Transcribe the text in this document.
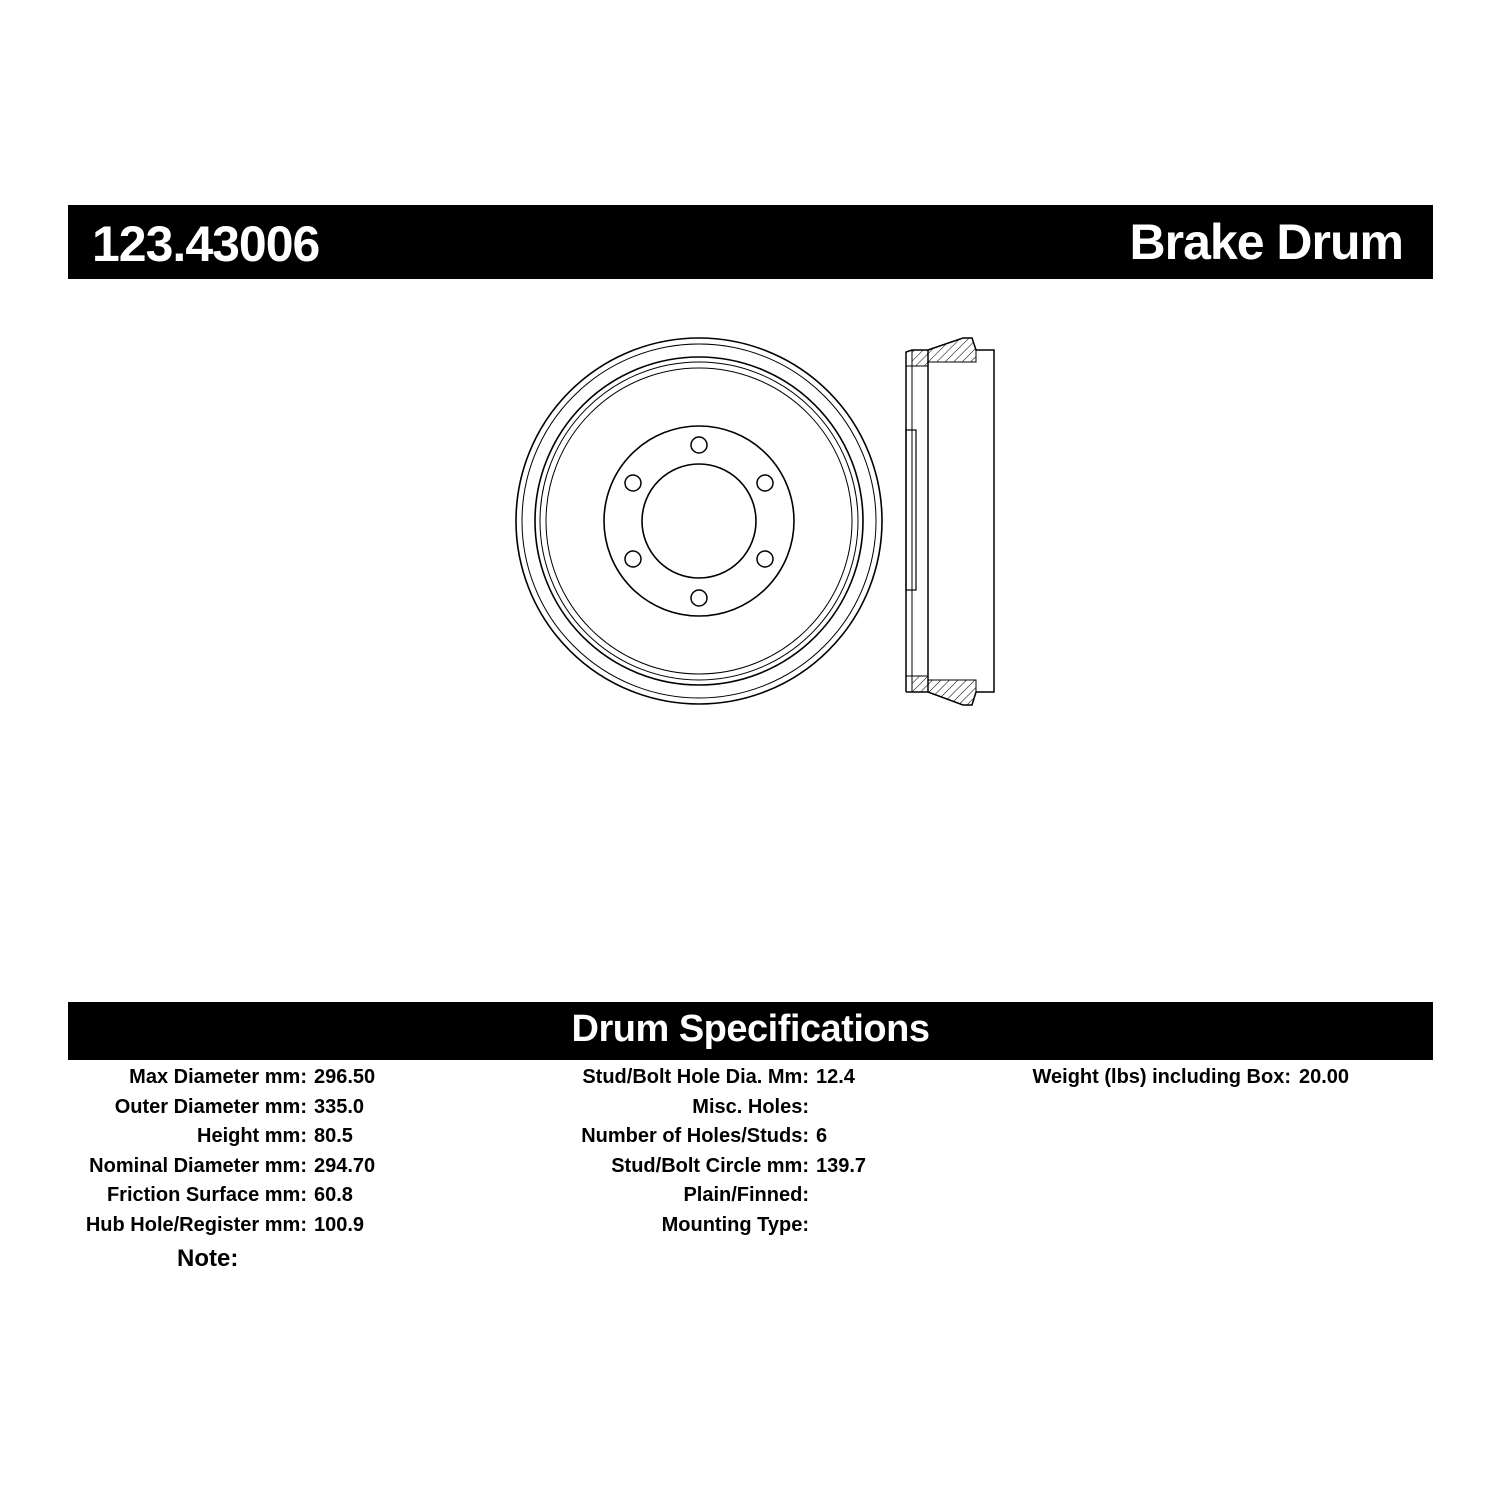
123.43006	Brake Drum
Drum Specifications
Max Diameter mm: 296.50
Outer Diameter mm: 335.0
Height mm: 80.5
Nominal Diameter mm: 294.70
Friction Surface mm: 60.8
Hub Hole/Register mm: 100.9
Stud/Bolt Hole Dia. Mm: 12.4
Misc. Holes:
Number of Holes/Studs: 6
Stud/Bolt Circle mm: 139.7
Plain/Finned:
Mounting Type:
Weight (lbs) including Box: 20.00
Note:
